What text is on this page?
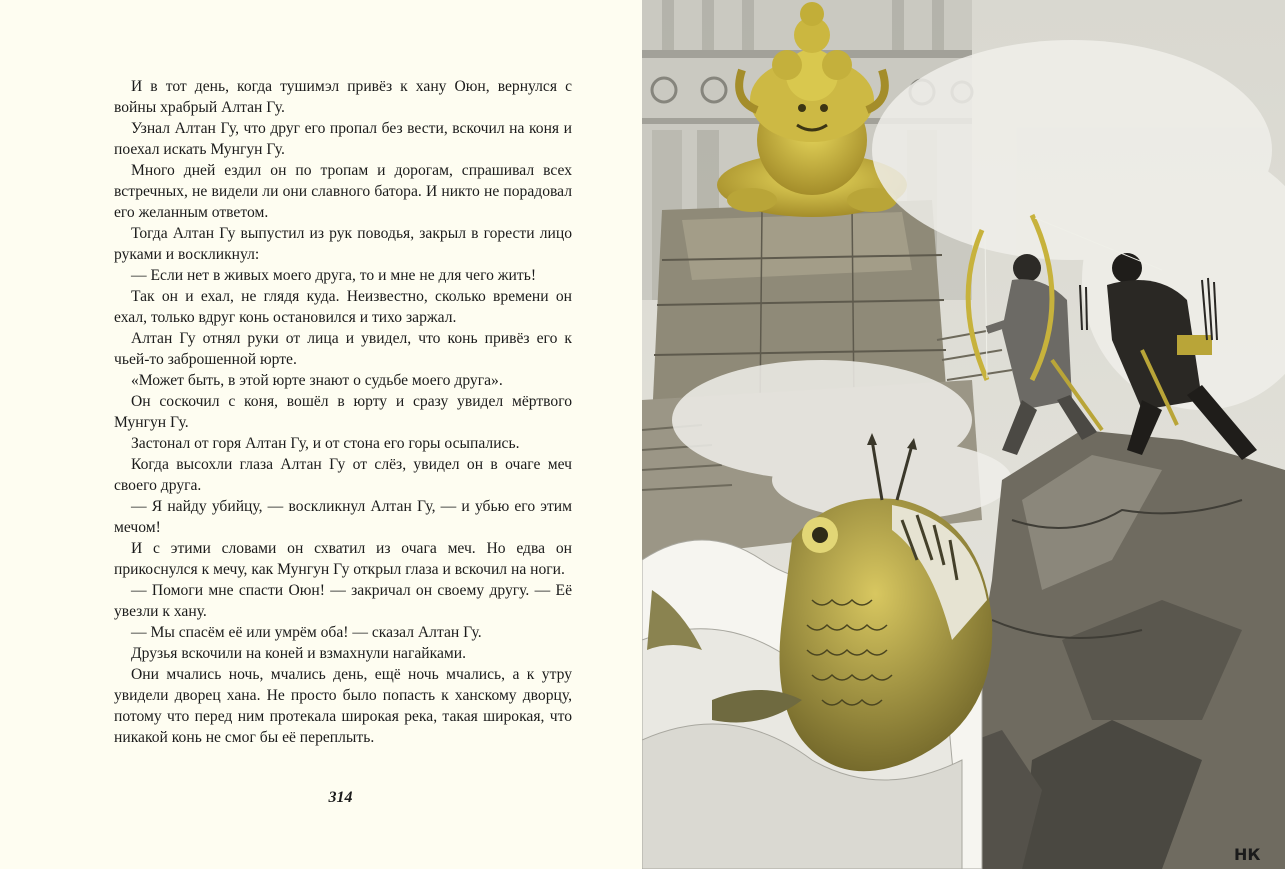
И в тот день, когда тушимэл привёз к хану Оюн, вернулся с войны храбрый Алтан Гу.

Узнал Алтан Гу, что друг его пропал без вести, вскочил на коня и поехал искать Мунгун Гу.

Много дней ездил он по тропам и дорогам, спрашивал всех встречных, не видели ли они славного батора. И никто не порадовал его желанным ответом.

Тогда Алтан Гу выпустил из рук поводья, закрыл в горести лицо руками и воскликнул:

— Если нет в живых моего друга, то и мне не для чего жить!

Так он и ехал, не глядя куда. Неизвестно, сколько времени он ехал, только вдруг конь остановился и тихо заржал.

Алтан Гу отнял руки от лица и увидел, что конь привёз его к чьей-то заброшенной юрте.

«Может быть, в этой юрте знают о судьбе моего друга».

Он соскочил с коня, вошёл в юрту и сразу увидел мёртвого Мунгун Гу.

Застонал от горя Алтан Гу, и от стона его горы осыпались.

Когда высохли глаза Алтан Гу от слёз, увидел он в очаге меч своего друга.

— Я найду убийцу, — воскликнул Алтан Гу, — и убью его этим мечом!

И с этими словами он схватил из очага меч. Но едва он прикоснулся к мечу, как Мунгун Гу открыл глаза и вскочил на ноги.

— Помоги мне спасти Оюн! — закричал он своему другу. — Её увезли к хану.

— Мы спасём её или умрём оба! — сказал Алтан Гу.

Друзья вскочили на коней и взмахнули нагайками.

Они мчались ночь, мчались день, ещё ночь мчались, а к утру увидели дворец хана. Не просто было попасть к ханскому дворцу, потому что перед ним протекала широкая река, такая широкая, что никакой конь не смог бы её переплыть.

314
НК
